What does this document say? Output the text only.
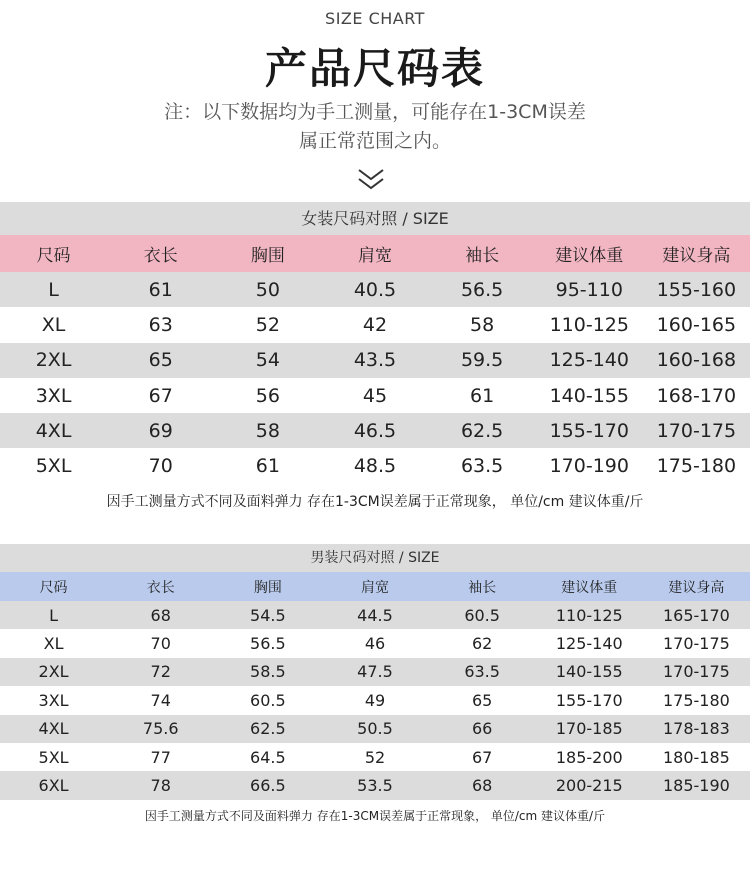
SIZE CHART
产品尺码表
注：以下数据均为手工测量，可能存在1-3CM误差
属正常范围之内。
女装尺码对照 / SIZE
尺码	衣长	胸围	肩宽	袖长	建议体重	建议身高
L	61	50	40.5	56.5	95-110	155-160
XL	63	52	42	58	110-125	160-165
2XL	65	54	43.5	59.5	125-140	160-168
3XL	67	56	45	61	140-155	168-170
4XL	69	58	46.5	62.5	155-170	170-175
5XL	70	61	48.5	63.5	170-190	175-180
因手工测量方式不同及面料弹力 存在1-3CM误差属于正常现象， 单位/cm 建议体重/斤
男装尺码对照 / SIZE
尺码	衣长	胸围	肩宽	袖长	建议体重	建议身高
L	68	54.5	44.5	60.5	110-125	165-170
XL	70	56.5	46	62	125-140	170-175
2XL	72	58.5	47.5	63.5	140-155	170-175
3XL	74	60.5	49	65	155-170	175-180
4XL	75.6	62.5	50.5	66	170-185	178-183
5XL	77	64.5	52	67	185-200	180-185
6XL	78	66.5	53.5	68	200-215	185-190
因手工测量方式不同及面料弹力 存在1-3CM误差属于正常现象， 单位/cm 建议体重/斤
